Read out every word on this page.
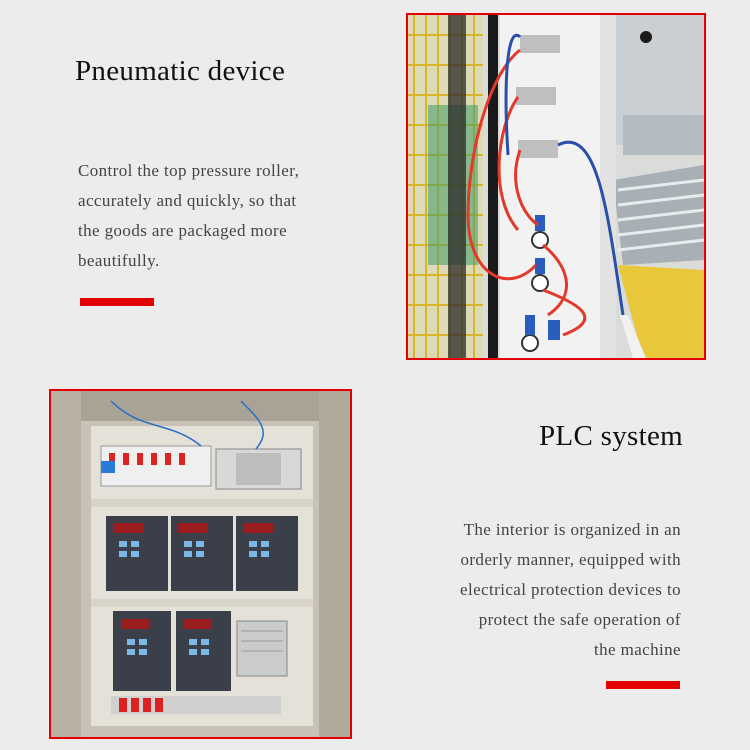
Pneumatic device
Control the top pressure roller,
accurately and quickly, so that
the goods are packaged more
beautifully.
PLC system
The interior is organized in an
orderly manner, equipped with
electrical protection devices to
protect the safe operation of
the machine
